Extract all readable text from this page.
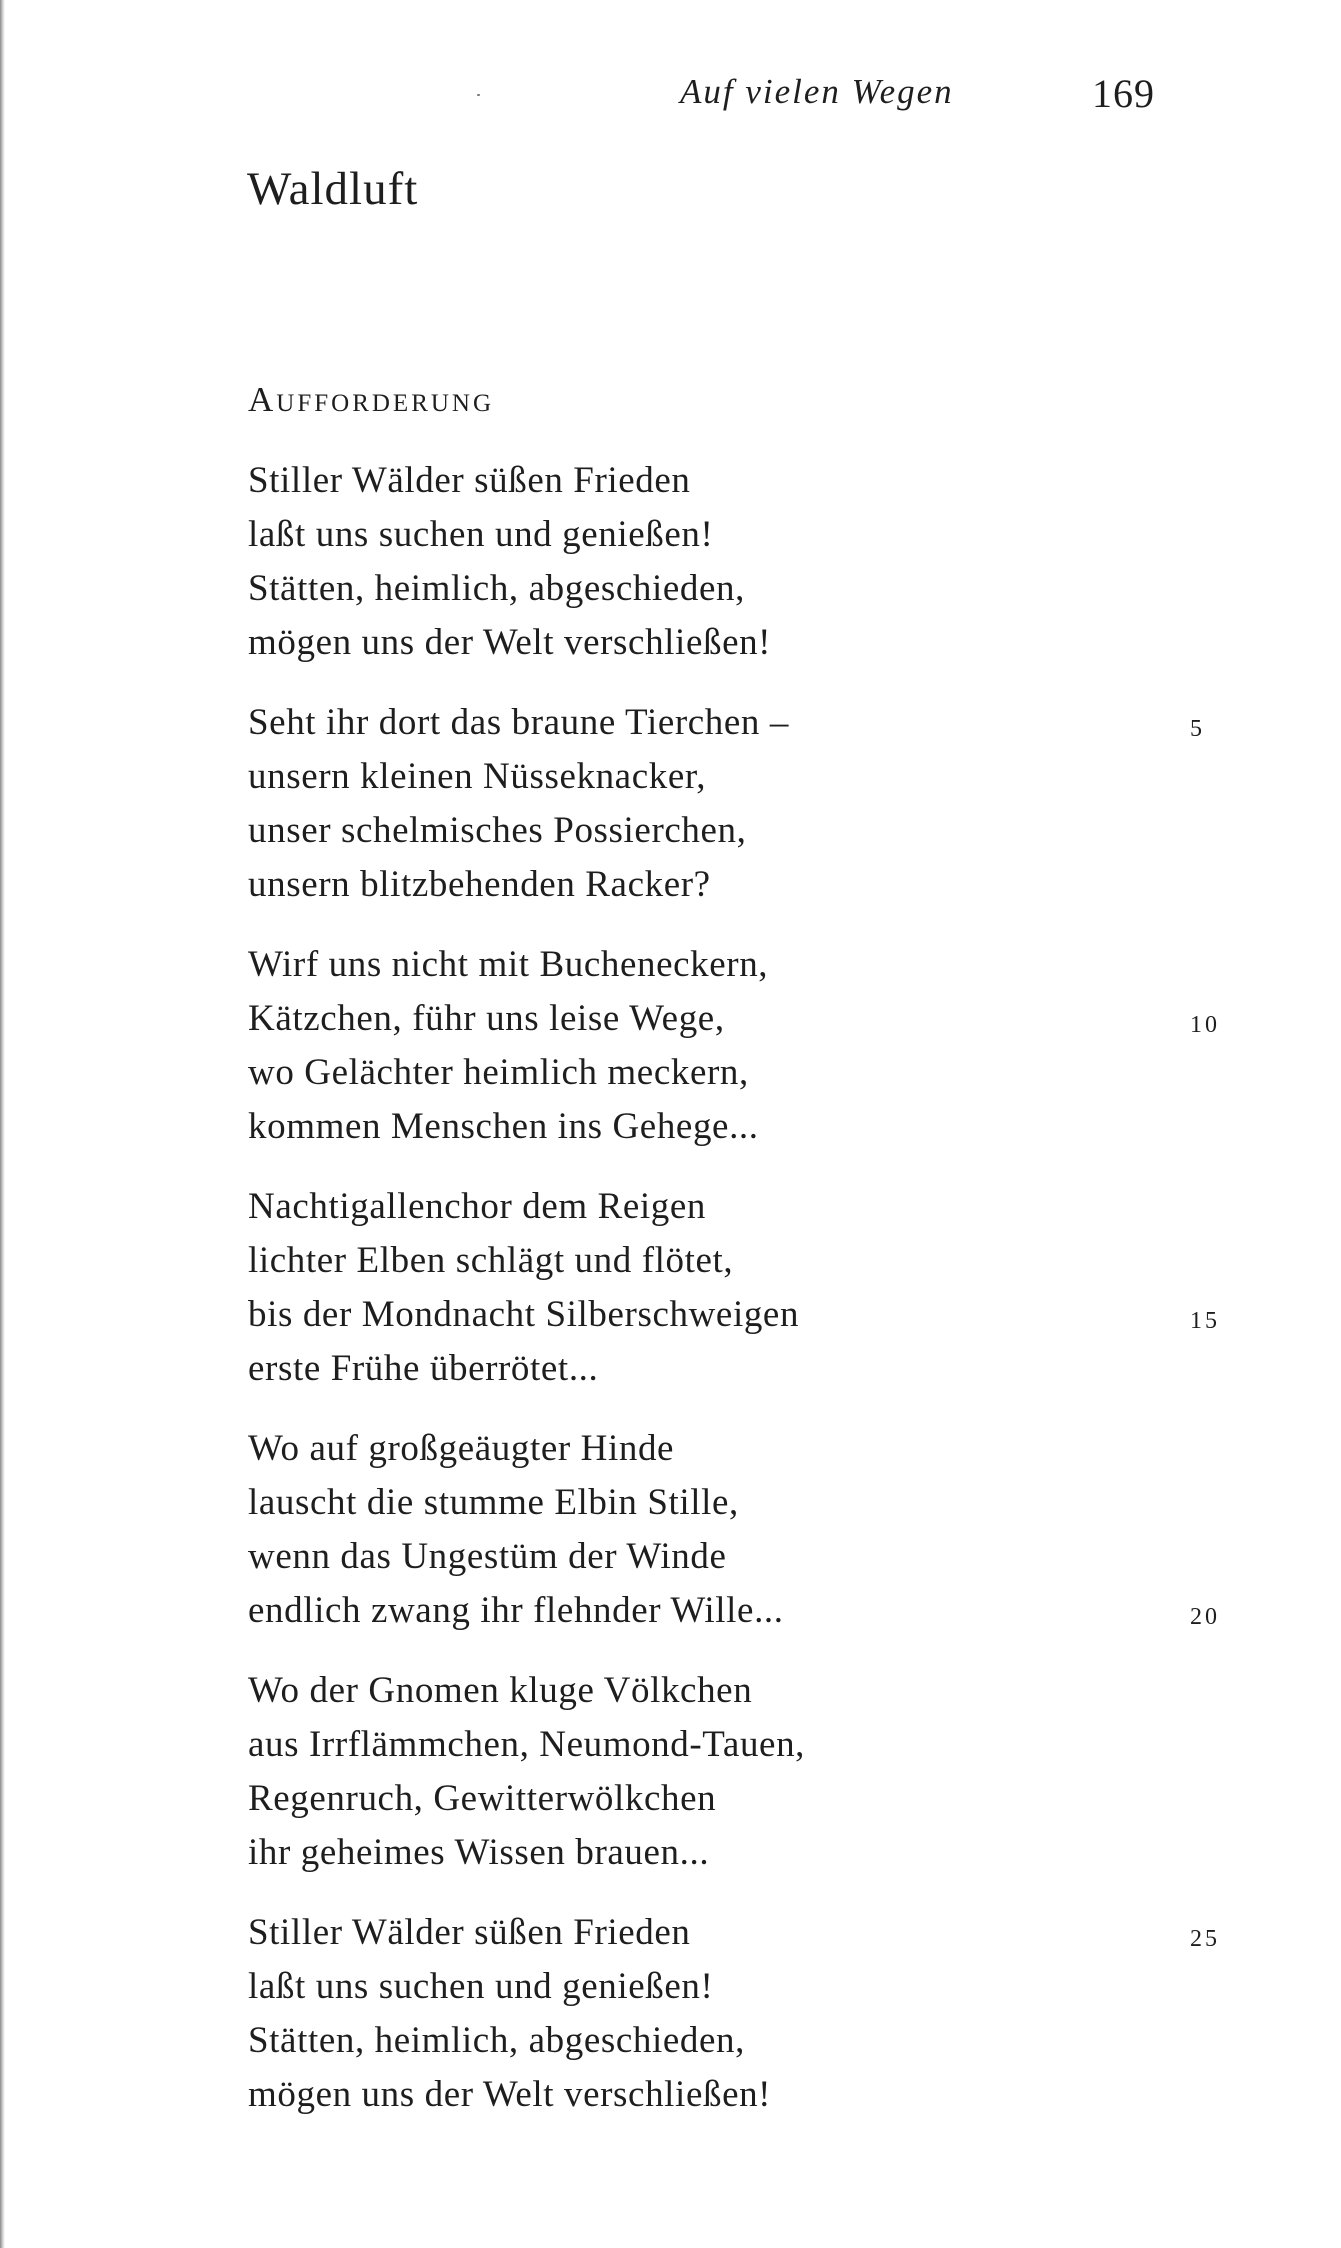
Auf vielen Wegen	169
Waldluft
Aufforderung
Stiller Wälder süßen Frieden
laßt uns suchen und genießen!
Stätten, heimlich, abgeschieden,
mögen uns der Welt verschließen!
Seht ihr dort das braune Tierchen –	5
unsern kleinen Nüsseknacker,
unser schelmisches Possierchen,
unsern blitzbehenden Racker?
Wirf uns nicht mit Bucheneckern,
Kätzchen, führ uns leise Wege,	10
wo Gelächter heimlich meckern,
kommen Menschen ins Gehege...
Nachtigallenchor dem Reigen
lichter Elben schlägt und flötet,
bis der Mondnacht Silberschweigen	15
erste Frühe überrötet...
Wo auf großgeäugter Hinde
lauscht die stumme Elbin Stille,
wenn das Ungestüm der Winde
endlich zwang ihr flehnder Wille...	20
Wo der Gnomen kluge Völkchen
aus Irrflämmchen, Neumond-Tauen,
Regenruch, Gewitterwölkchen
ihr geheimes Wissen brauen...
Stiller Wälder süßen Frieden	25
laßt uns suchen und genießen!
Stätten, heimlich, abgeschieden,
mögen uns der Welt verschließen!
